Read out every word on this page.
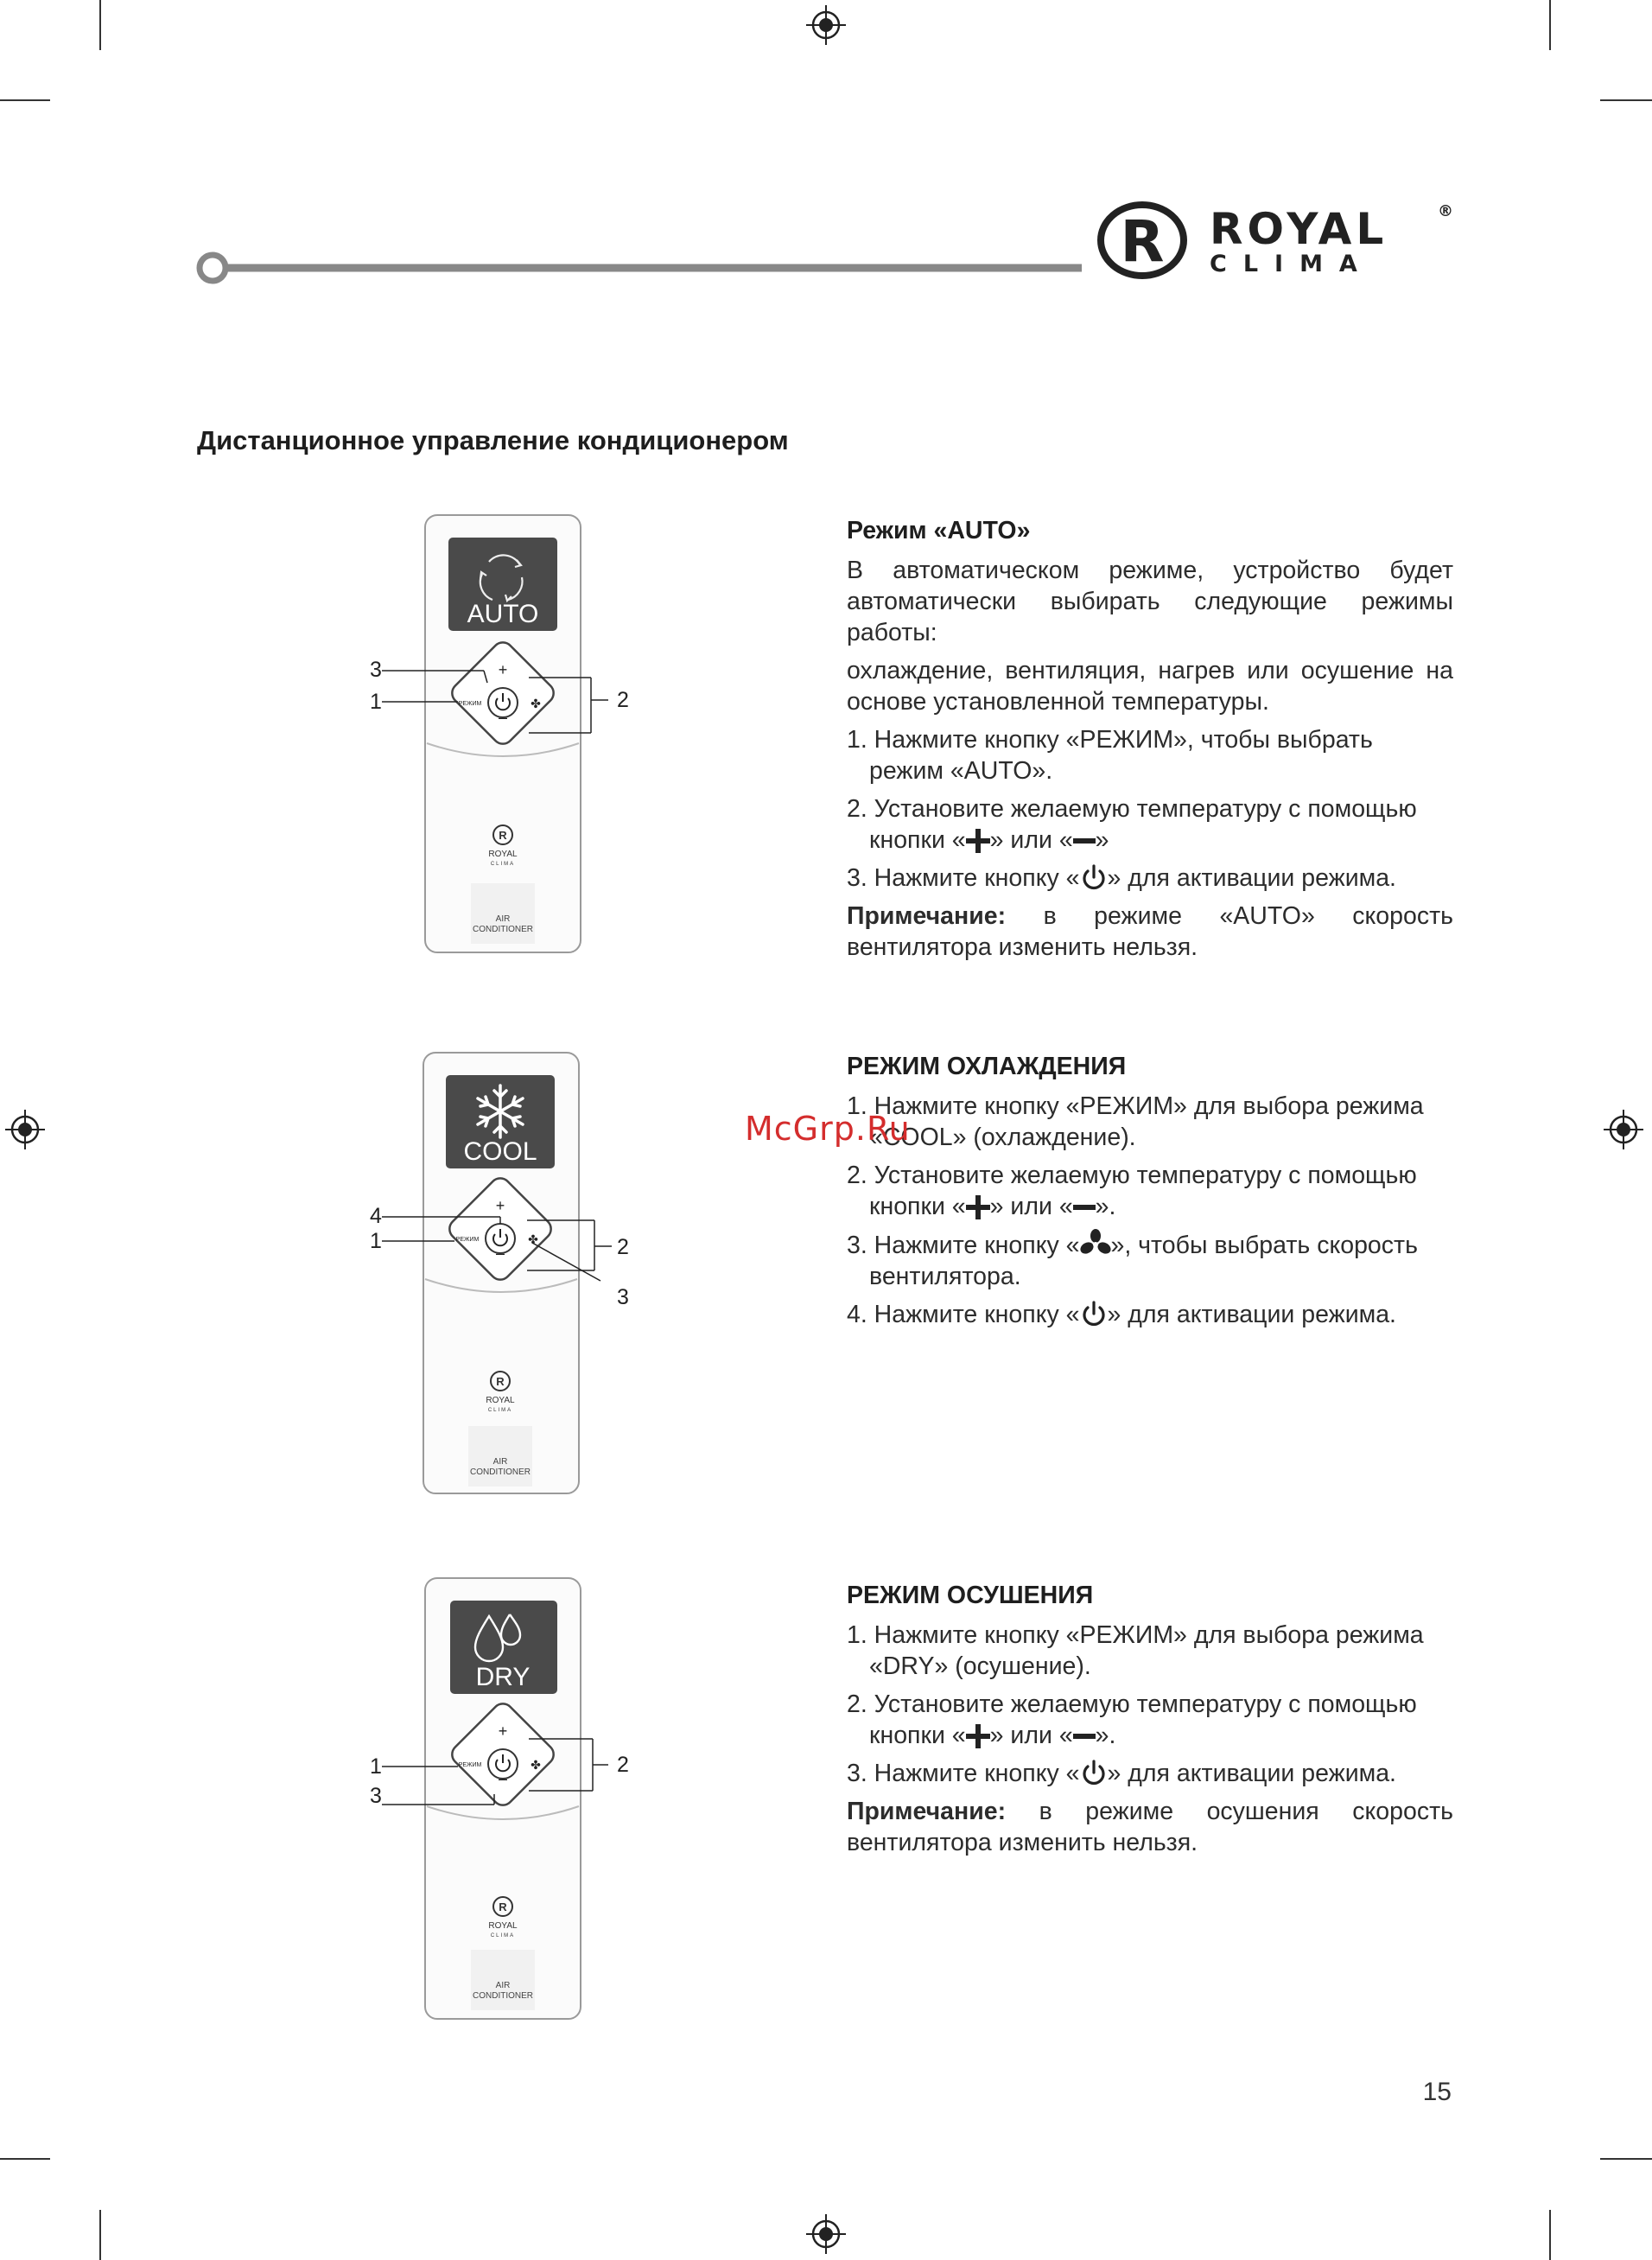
R ROYAL	®
CLIMA
Дистанционное управление кондиционером
AUTO
+
РЕЖИМ	✤
R
ROYAL
CLIMA
AIR
CONDITIONER
3
1	2
COOL
+
РЕЖИМ	✤
R
ROYAL
CLIMA
AIR
CONDITIONER
4
1	2
3
DRY
+
РЕЖИМ	✤
R
ROYAL
CLIMA
AIR
CONDITIONER
1
3
2

Режим «AUTO»

В автоматическом режиме, устройство будет автоматически выбирать следующие режимы работы:

охлаждение, вентиляция, нагрев или осушение на основе установленной температуры.

1. Нажмите кнопку «РЕЖИМ», чтобы выбрать режим «AUTO».

2. Установите желаемую температуру с помощью кнопки « » или « »

3. Нажмите кнопку « » для активации режима.

Примечание: в режиме «AUTO» скорость вентилятора изменить нельзя.

РЕЖИМ ОХЛАЖДЕНИЯ

1. Нажмите кнопку «РЕЖИМ» для выбора режима «COOL» (охлаждение).

2. Установите желаемую температуру с помощью кнопки « » или « ».

3. Нажмите кнопку « », чтобы выбрать скорость вентилятора.

4. Нажмите кнопку « » для активации режима.

РЕЖИМ ОСУШЕНИЯ

1. Нажмите кнопку «РЕЖИМ» для выбора режима «DRY» (осушение).

2. Установите желаемую температуру с помощью кнопки « » или « ».

3. Нажмите кнопку « » для активации режима.

Примечание: в режиме осушения скорость вентилятора изменить нельзя.

McGrp.Ru
15
